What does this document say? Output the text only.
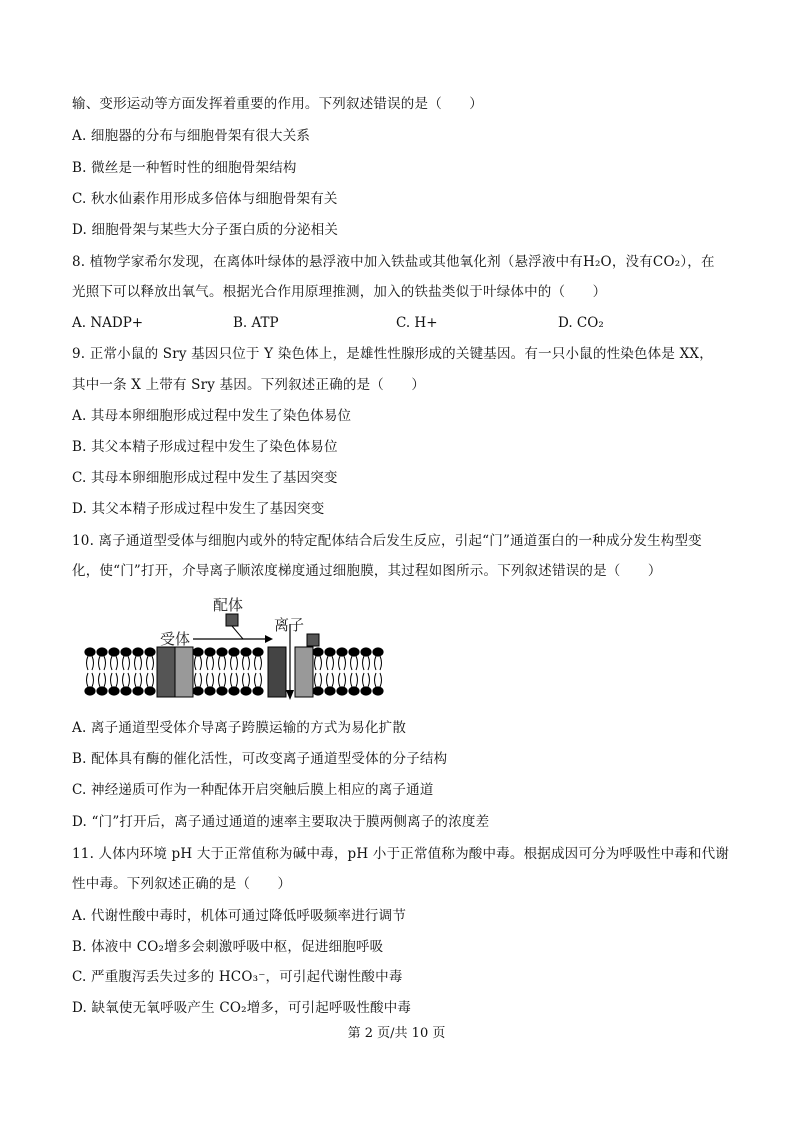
输、变形运动等方面发挥着重要的作用。下列叙述错误的是（　　）
A. 细胞器的分布与细胞骨架有很大关系
B. 微丝是一种暂时性的细胞骨架结构
C. 秋水仙素作用形成多倍体与细胞骨架有关
D. 细胞骨架与某些大分子蛋白质的分泌相关
8. 植物学家希尔发现，在离体叶绿体的悬浮液中加入铁盐或其他氧化剂（悬浮液中有H₂O，没有CO₂），在
光照下可以释放出氧气。根据光合作用原理推测，加入的铁盐类似于叶绿体中的（　　）
A. NADP+	B. ATP	C. H+	D. CO₂
9. 正常小鼠的 Sry 基因只位于 Y 染色体上，是雄性性腺形成的关键基因。有一只小鼠的性染色体是 XX，
其中一条 X 上带有 Sry 基因。下列叙述正确的是（　　）
A. 其母本卵细胞形成过程中发生了染色体易位
B. 其父本精子形成过程中发生了染色体易位
C. 其母本卵细胞形成过程中发生了基因突变
D. 其父本精子形成过程中发生了基因突变
10. 离子通道型受体与细胞内或外的特定配体结合后发生反应，引起“门”通道蛋白的一种成分发生构型变
化，使“门”打开，介导离子顺浓度梯度通过细胞膜，其过程如图所示。下列叙述错误的是（　　）
配体
受体
离子
A. 离子通道型受体介导离子跨膜运输的方式为易化扩散
B. 配体具有酶的催化活性，可改变离子通道型受体的分子结构
C. 神经递质可作为一种配体开启突触后膜上相应的离子通道
D. “门”打开后，离子通过通道的速率主要取决于膜两侧离子的浓度差
11. 人体内环境 pH 大于正常值称为碱中毒，pH 小于正常值称为酸中毒。根据成因可分为呼吸性中毒和代谢
性中毒。下列叙述正确的是（　　）
A. 代谢性酸中毒时，机体可通过降低呼吸频率进行调节
B. 体液中 CO₂增多会刺激呼吸中枢，促进细胞呼吸
C. 严重腹泻丢失过多的 HCO₃⁻，可引起代谢性酸中毒
D. 缺氧使无氧呼吸产生 CO₂增多，可引起呼吸性酸中毒
第 2 页/共 10 页
